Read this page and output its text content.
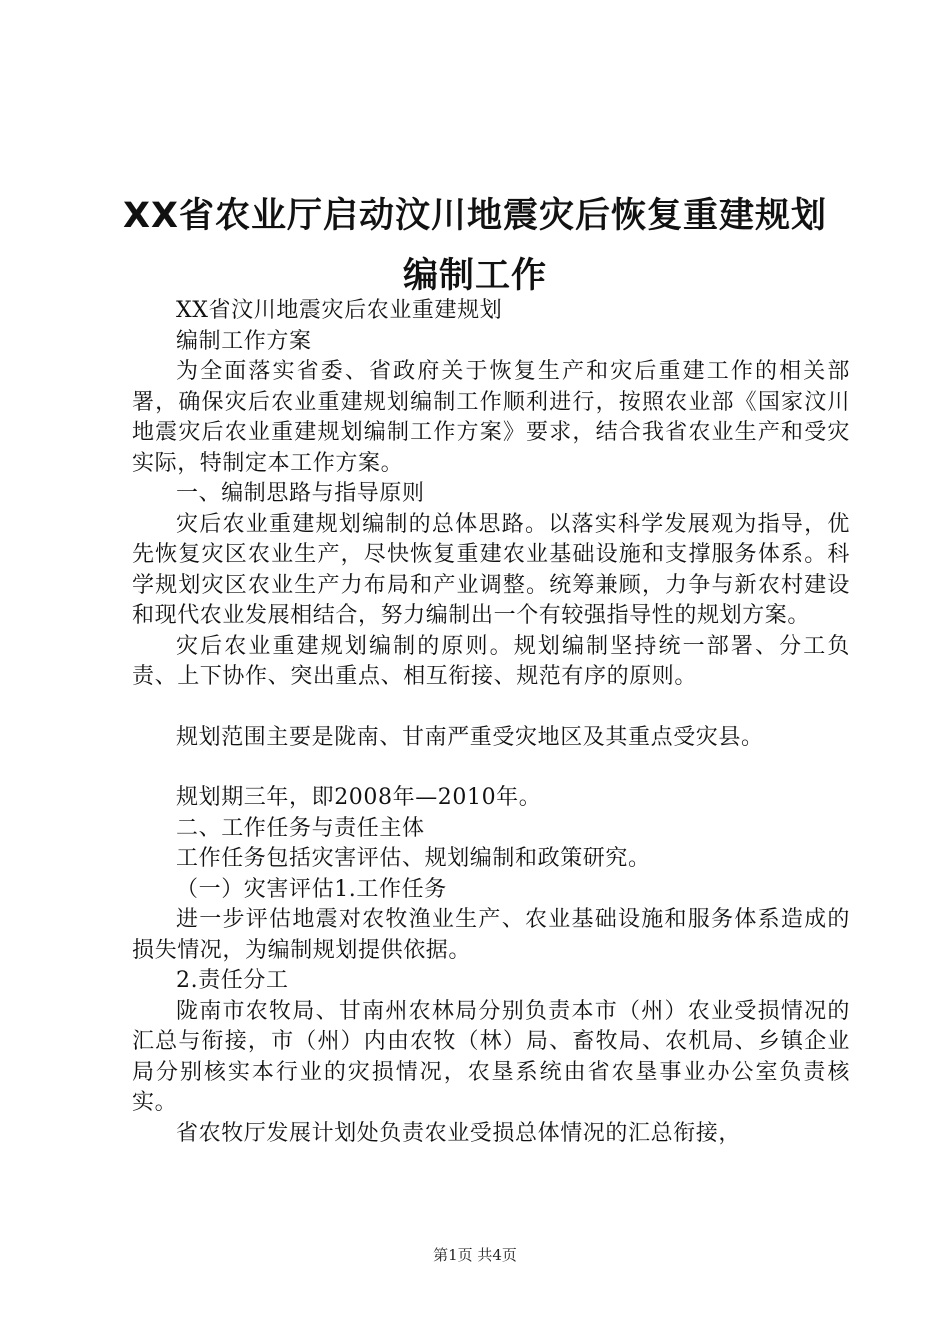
XX省农业厅启动汶川地震灾后恢复重建规划
编制工作

XX省汶川地震灾后农业重建规划

编制工作方案

为全面落实省委、省政府关于恢复生产和灾后重建工作的相关部署，确保灾后农业重建规划编制工作顺利进行，按照农业部《国家汶川地震灾后农业重建规划编制工作方案》要求，结合我省农业生产和受灾实际，特制定本工作方案。

一、编制思路与指导原则

灾后农业重建规划编制的总体思路。以落实科学发展观为指导，优先恢复灾区农业生产，尽快恢复重建农业基础设施和支撑服务体系。科学规划灾区农业生产力布局和产业调整。统筹兼顾，力争与新农村建设和现代农业发展相结合，努力编制出一个有较强指导性的规划方案。

灾后农业重建规划编制的原则。规划编制坚持统一部署、分工负责、上下协作、突出重点、相互衔接、规范有序的原则。

规划范围主要是陇南、甘南严重受灾地区及其重点受灾县。

规划期三年，即2008年—2010年。

二、工作任务与责任主体

工作任务包括灾害评估、规划编制和政策研究。

（一）灾害评估1.工作任务

进一步评估地震对农牧渔业生产、农业基础设施和服务体系造成的损失情况，为编制规划提供依据。

2.责任分工

陇南市农牧局、甘南州农林局分别负责本市（州）农业受损情况的汇总与衔接，市（州）内由农牧（林）局、畜牧局、农机局、乡镇企业局分别核实本行业的灾损情况，农垦系统由省农垦事业办公室负责核实。

省农牧厅发展计划处负责农业受损总体情况的汇总衔接，

第1页 共4页
